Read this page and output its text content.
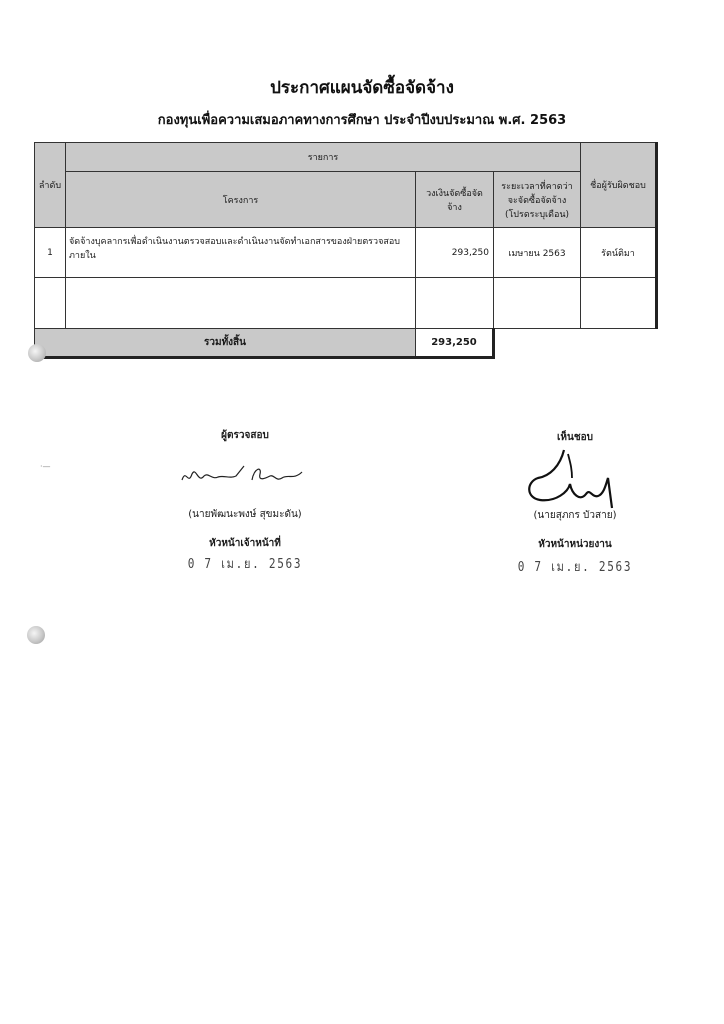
ประกาศแผนจัดซื้อจัดจ้าง
กองทุนเพื่อความเสมอภาคทางการศึกษา ประจำปีงบประมาณ พ.ศ. 2563
ลำดับ	รายการ			ชื่อผู้รับผิดชอบ
	โครงการ	วงเงินจัดซื้อจัดจ้าง	ระยะเวลาที่คาดว่าจะจัดซื้อจัดจ้าง (โปรดระบุเดือน)	
1	จัดจ้างบุคลากรเพื่อดำเนินงานตรวจสอบและดำเนินงานจัดทำเอกสารของฝ่ายตรวจสอบภายใน	293,250	เมษายน 2563	รัตน์ติมา

รวมทั้งสิ้น		293,250		
·—
ผู้ตรวจสอบ
(นายพัฒนะพงษ์ สุขมะดัน)
หัวหน้าเจ้าหน้าที่
0 7 เม.ย. 2563
เห็นชอบ
(นายสุภกร บัวสาย)
หัวหน้าหน่วยงาน
0 7 เม.ย. 2563
